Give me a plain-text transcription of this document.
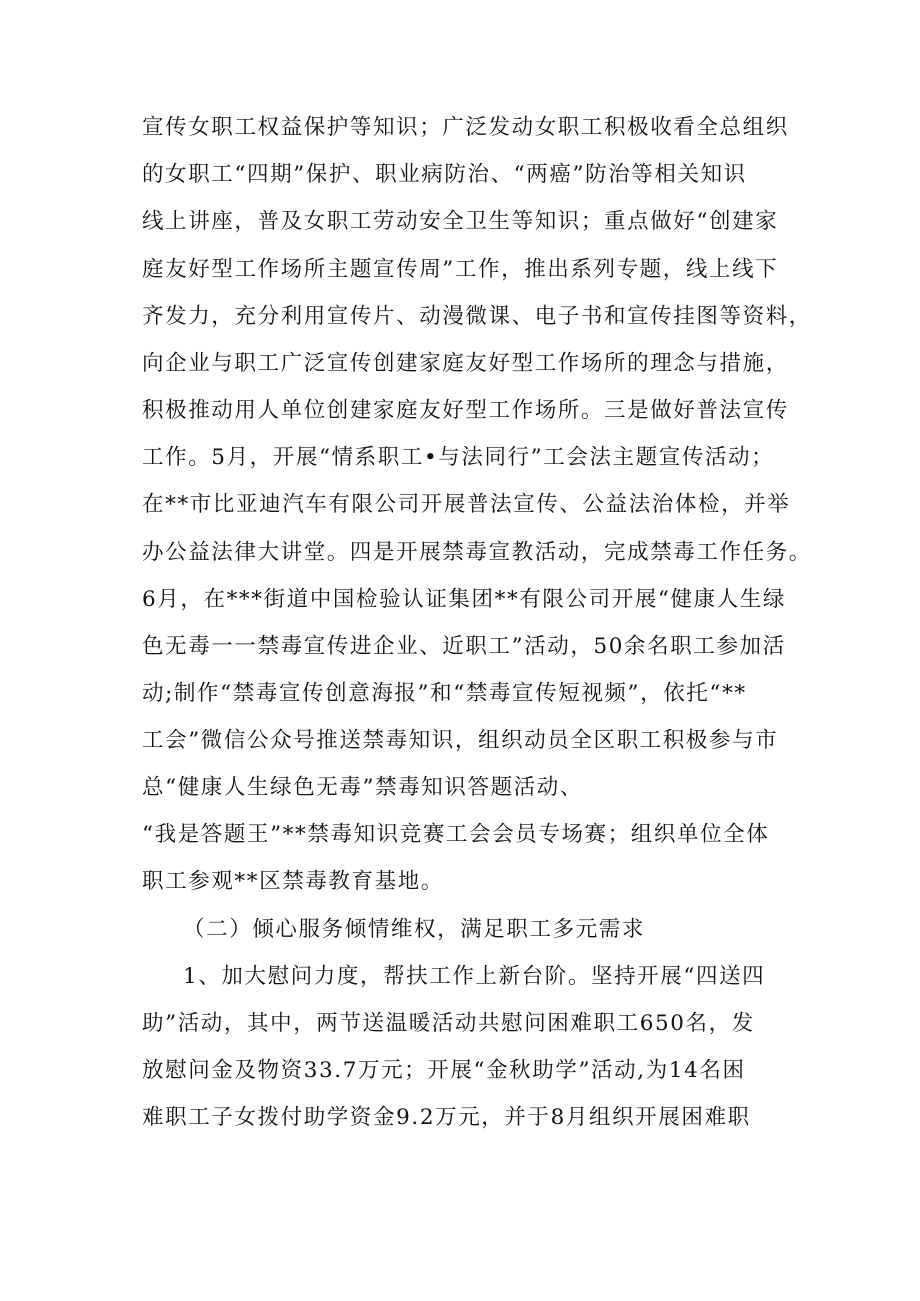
宣传女职工权益保护等知识；广泛发动女职工积极收看全总组织
的女职工“四期”保护、职业病防治、“两癌”防治等相关知识
线上讲座，普及女职工劳动安全卫生等知识；重点做好“创建家
庭友好型工作场所主题宣传周”工作，推出系列专题，线上线下
齐发力，充分利用宣传片、动漫微课、电子书和宣传挂图等资料，
向企业与职工广泛宣传创建家庭友好型工作场所的理念与措施，
积极推动用人单位创建家庭友好型工作场所。三是做好普法宣传
工作。5月，开展“情系职工•与法同行”工会法主题宣传活动；
在**市比亚迪汽车有限公司开展普法宣传、公益法治体检，并举
办公益法律大讲堂。四是开展禁毒宣教活动，完成禁毒工作任务。
6月，在***街道中国检验认证集团**有限公司开展“健康人生绿
色无毒一一禁毒宣传进企业、近职工”活动，50余名职工参加活
动;制作“禁毒宣传创意海报”和“禁毒宣传短视频”，依托“**
工会”微信公众号推送禁毒知识，组织动员全区职工积极参与市
总“健康人生绿色无毒”禁毒知识答题活动、
“我是答题王”**禁毒知识竞赛工会会员专场赛；组织单位全体
职工参观**区禁毒教育基地。
（二）倾心服务倾情维权，满足职工多元需求
1、加大慰问力度，帮扶工作上新台阶。坚持开展“四送四
助”活动，其中，两节送温暖活动共慰问困难职工650名，发
放慰问金及物资33.7万元；开展“金秋助学”活动,为14名困
难职工子女拨付助学资金9.2万元，并于8月组织开展困难职
